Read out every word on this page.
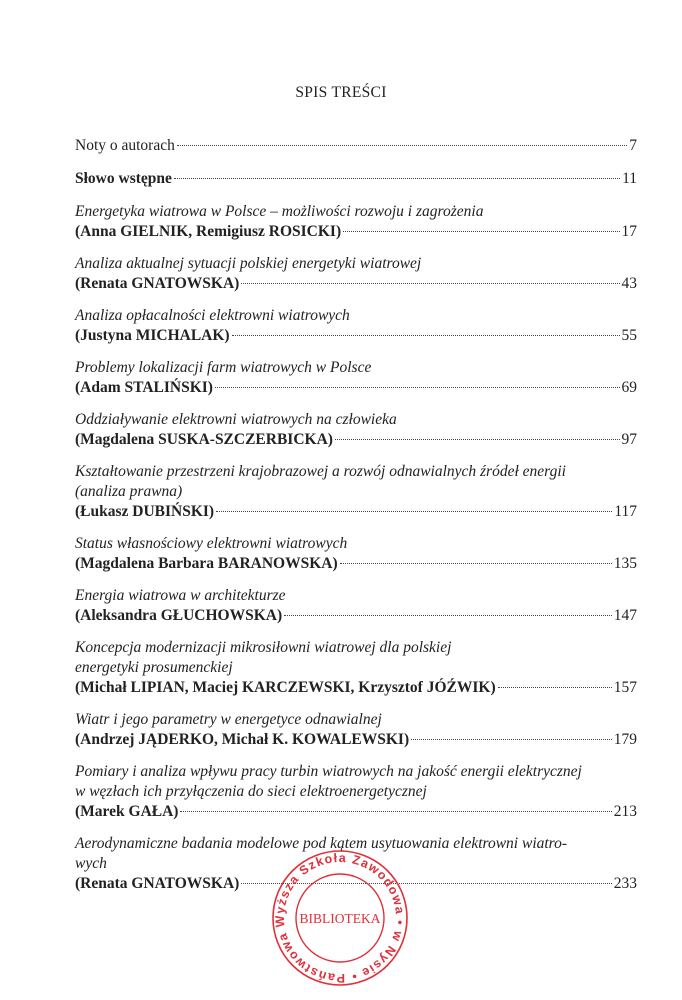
SPIS TREŚCI
Noty o autorach	7
Słowo wstępne	11
Energetyka wiatrowa w Polsce – możliwości rozwoju i zagrożenia
(Anna GIELNIK, Remigiusz ROSICKI)	17
Analiza aktualnej sytuacji polskiej energetyki wiatrowej
(Renata GNATOWSKA)	43
Analiza opłacalności elektrowni wiatrowych
(Justyna MICHALAK)	55
Problemy lokalizacji farm wiatrowych w Polsce
(Adam STALIŃSKI)	69
Oddziaływanie elektrowni wiatrowych na człowieka
(Magdalena SUSKA-SZCZERBICKA)	97
Kształtowanie przestrzeni krajobrazowej a rozwój odnawialnych źródeł energii
(analiza prawna)
(Łukasz DUBIŃSKI)	117
Status własnościowy elektrowni wiatrowych
(Magdalena Barbara BARANOWSKA)	135
Energia wiatrowa w architekturze
(Aleksandra GŁUCHOWSKA)	147
Koncepcja modernizacji mikrosiłowni wiatrowej dla polskiej
energetyki prosumenckiej
(Michał LIPIAN, Maciej KARCZEWSKI, Krzysztof JÓŹWIK)	157
Wiatr i jego parametry w energetyce odnawialnej
(Andrzej JĄDERKO, Michał K. KOWALEWSKI)	179
Pomiary i analiza wpływu pracy turbin wiatrowych na jakość energii elektrycznej
w węzłach ich przyłączenia do sieci elektroenergetycznej
(Marek GAŁA)	213
Aerodynamiczne badania modelowe pod kątem usytuowania elektrowni wiatro-
wych
(Renata GNATOWSKA)	233
Państwowa Wyższa Szkoła Zawodowa • w Nysie •
BIBLIOTEKA
